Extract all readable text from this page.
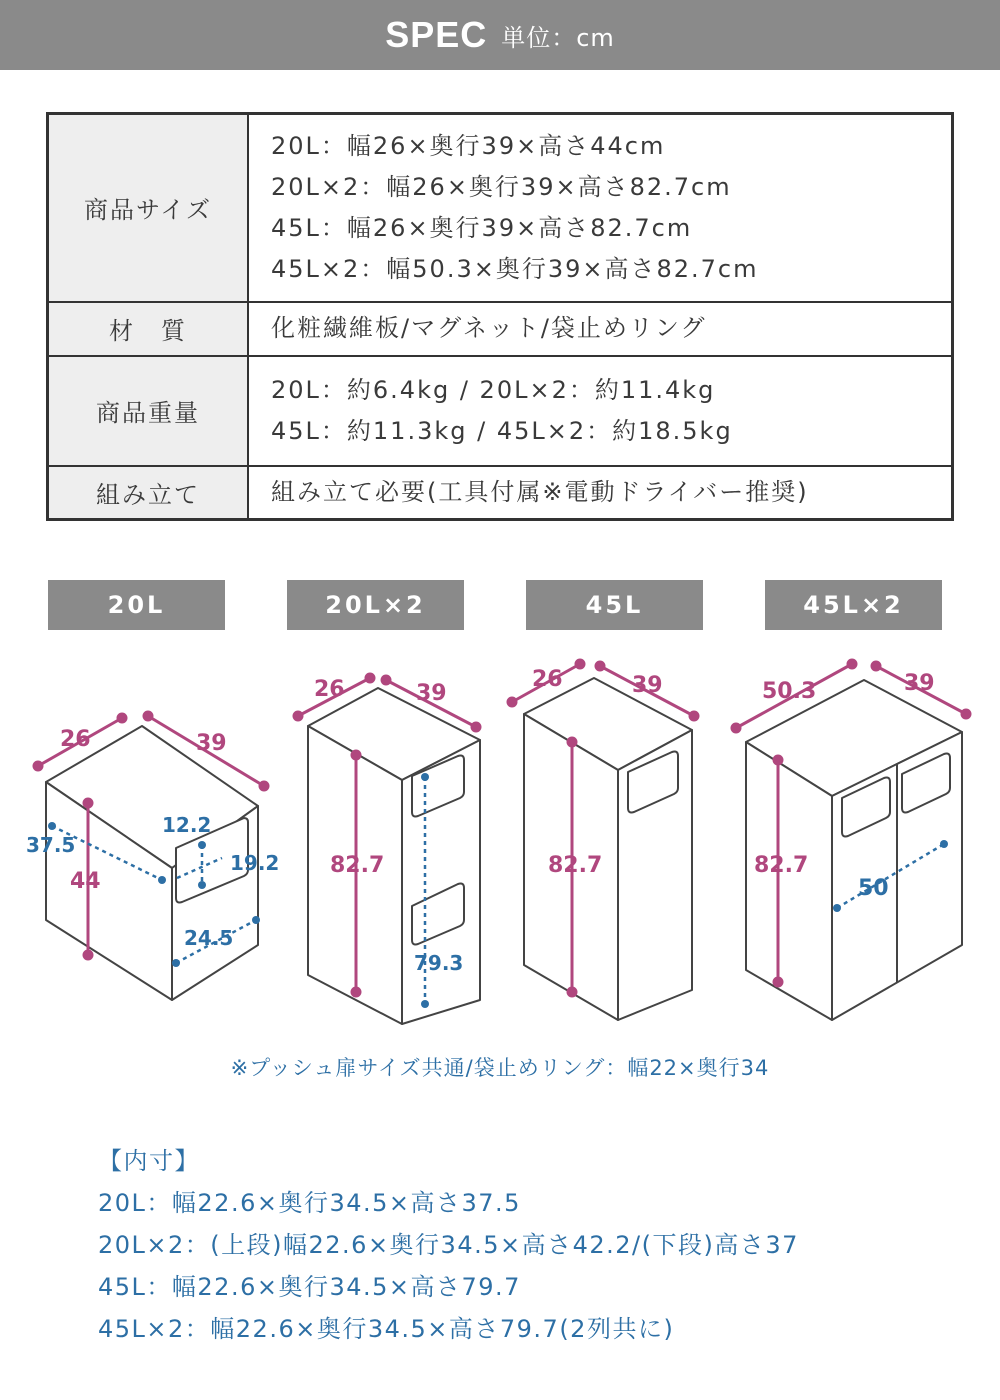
SPEC 単位：cm
商品サイズ	20L：幅26×奥行39×高さ44cm
20L×2：幅26×奥行39×高さ82.7cm
45L：幅26×奥行39×高さ82.7cm
45L×2：幅50.3×奥行39×高さ82.7cm

材　質	化粧繊維板/マグネット/袋止めリング

商品重量	20L：約6.4kg / 20L×2：約11.4kg
45L：約11.3kg / 45L×2：約18.5kg

組み立て	組み立て必要(工具付属※電動ドライバー推奨)
20L	20L×2	45L	45L×2
26	39
44
37.5
12.2
19.2
24.5
26	39
82.7
79.3
26	39
82.7
50.3	39
82.7
50
※プッシュ扉サイズ共通/袋止めリング：幅22×奥行34
【内寸】
20L：幅22.6×奥行34.5×高さ37.5
20L×2：(上段)幅22.6×奥行34.5×高さ42.2/(下段)高さ37
45L：幅22.6×奥行34.5×高さ79.7
45L×2：幅22.6×奥行34.5×高さ79.7(2列共に)
